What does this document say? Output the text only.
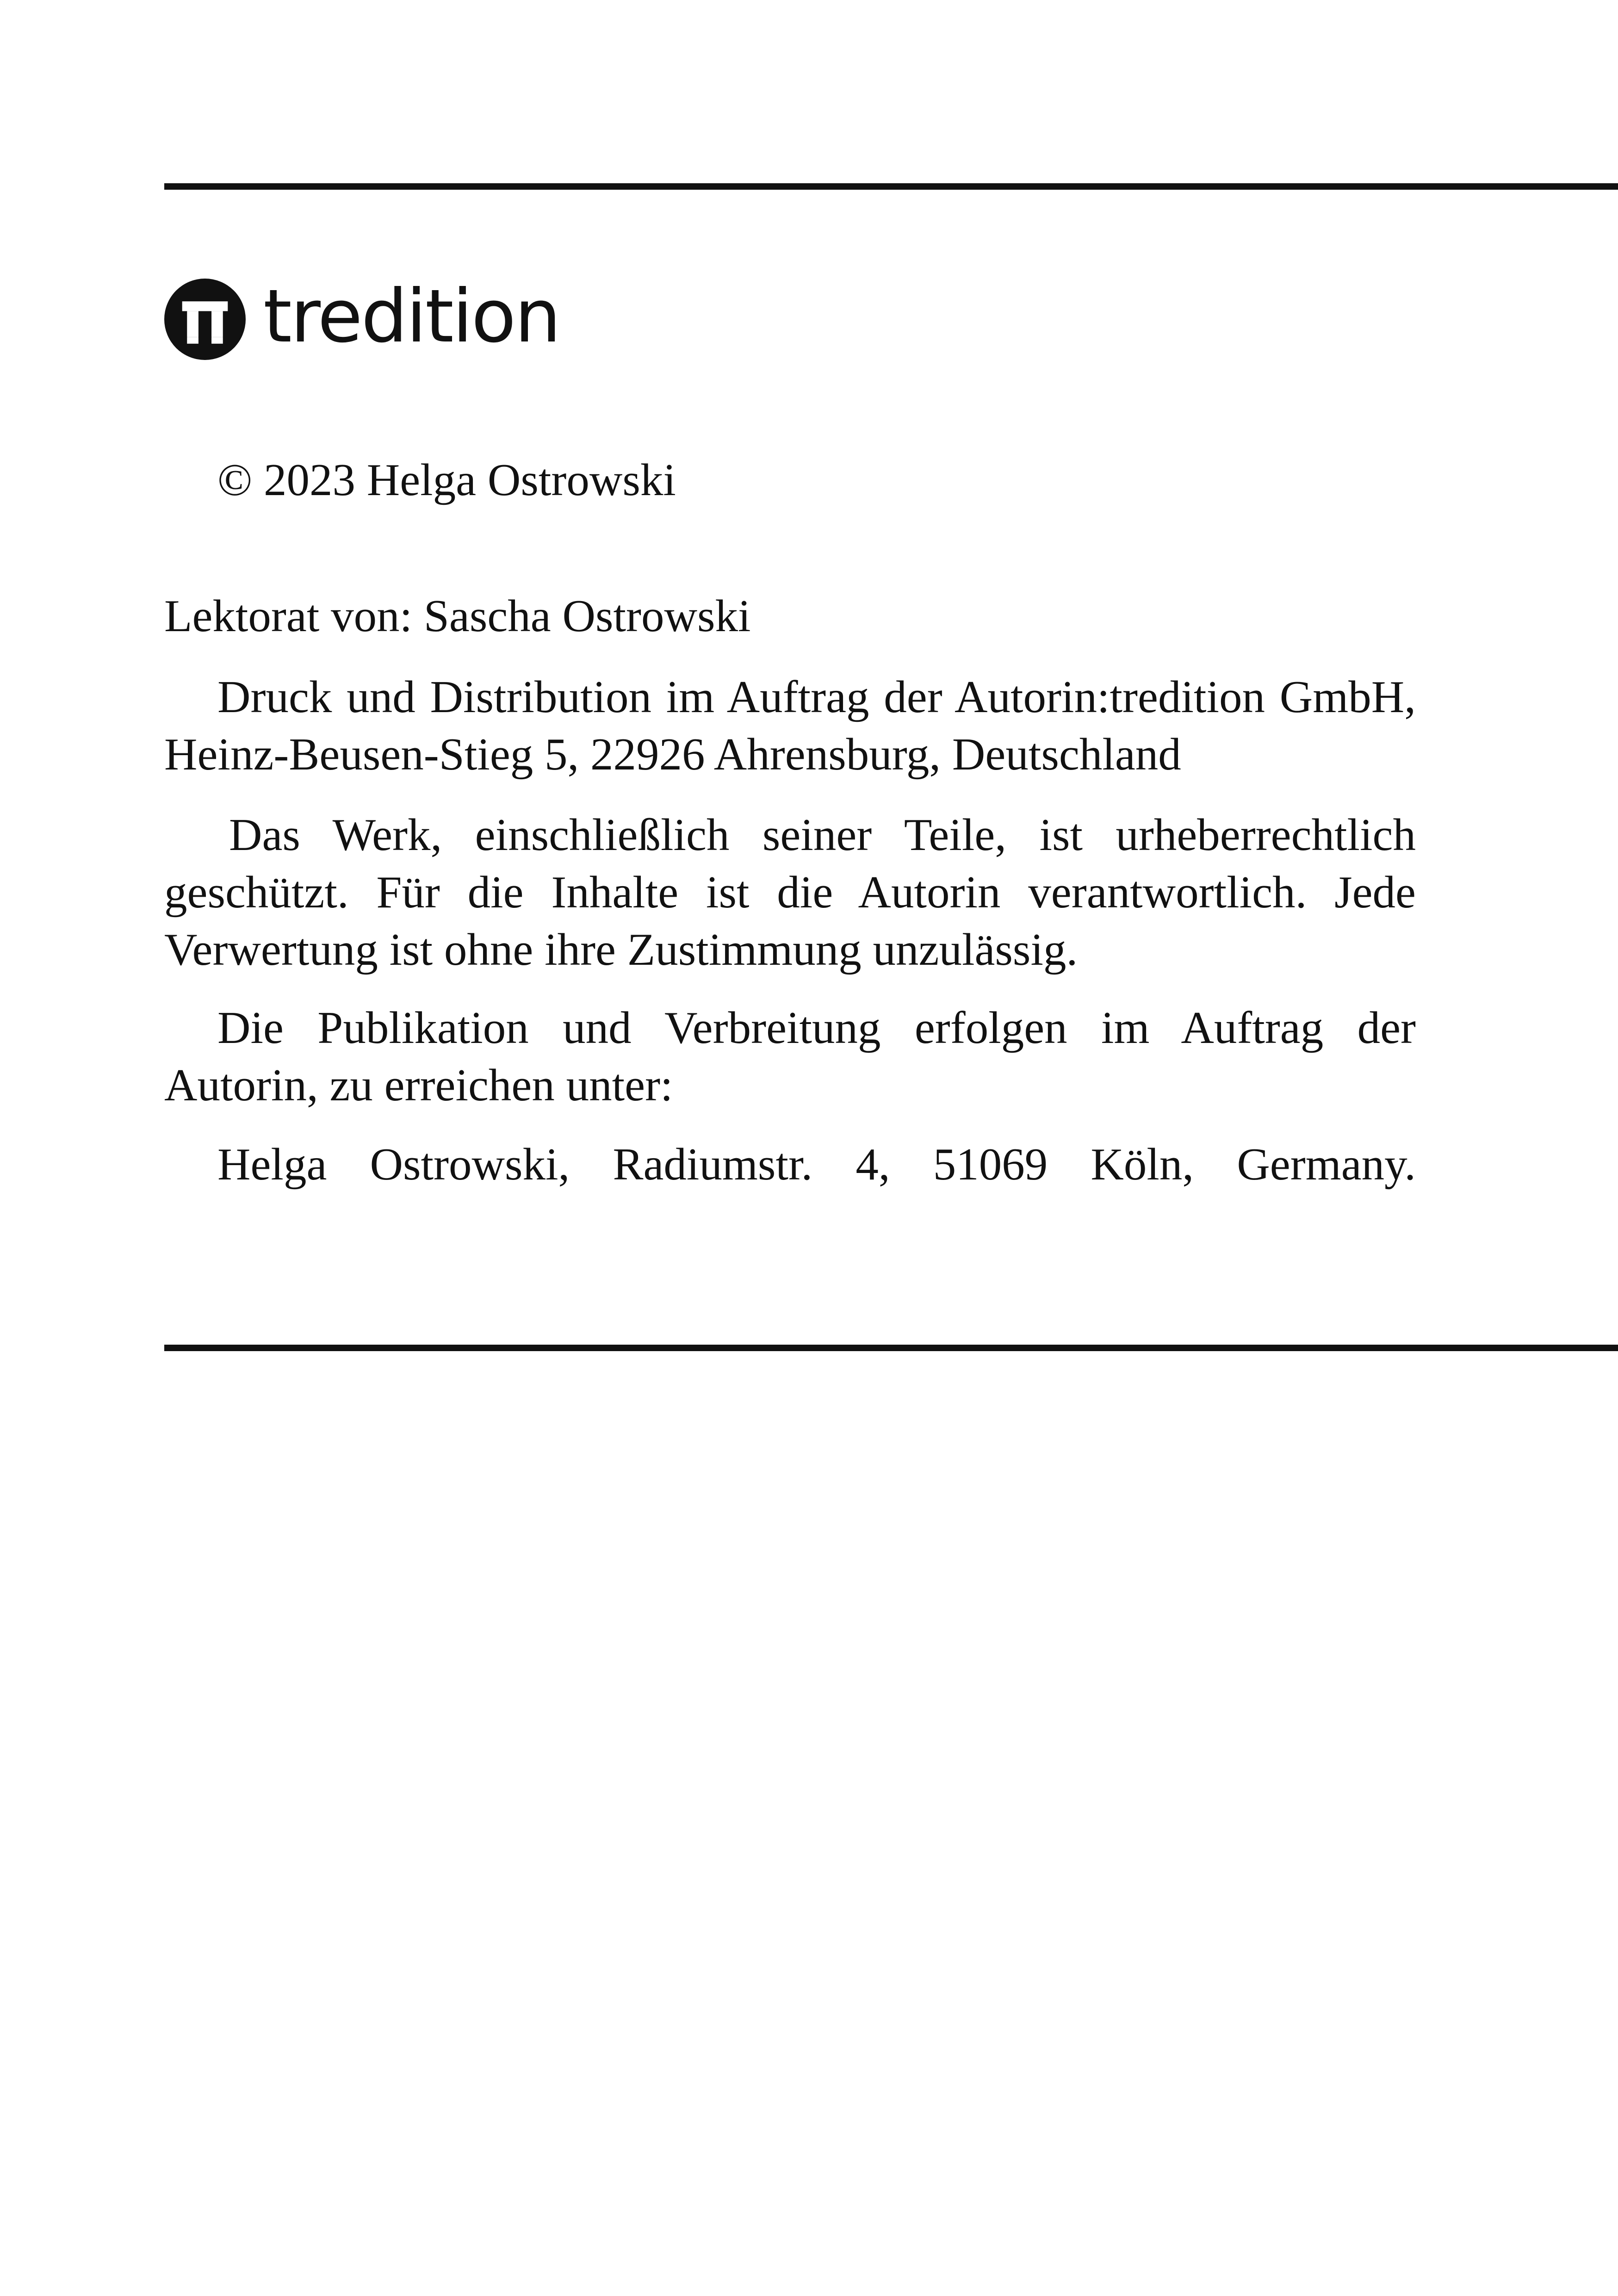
tredition

© 2023 Helga Ostrowski

Lektorat von: Sascha Ostrowski

Druck und Distribution im Auftrag der Autorin:tredition GmbH, Heinz-Beusen-Stieg 5, 22926 Ahrensburg, Deutschland

Das Werk, einschließlich seiner Teile, ist urheberrechtlich geschützt. Für die Inhalte ist die Autorin verantwortlich. Jede Verwertung ist ohne ihre Zustimmung unzulässig.

Die Publikation und Verbreitung erfolgen im Auftrag der Autorin, zu erreichen unter:

Helga Ostrowski, Radiumstr. 4, 51069 Köln, Germany.
